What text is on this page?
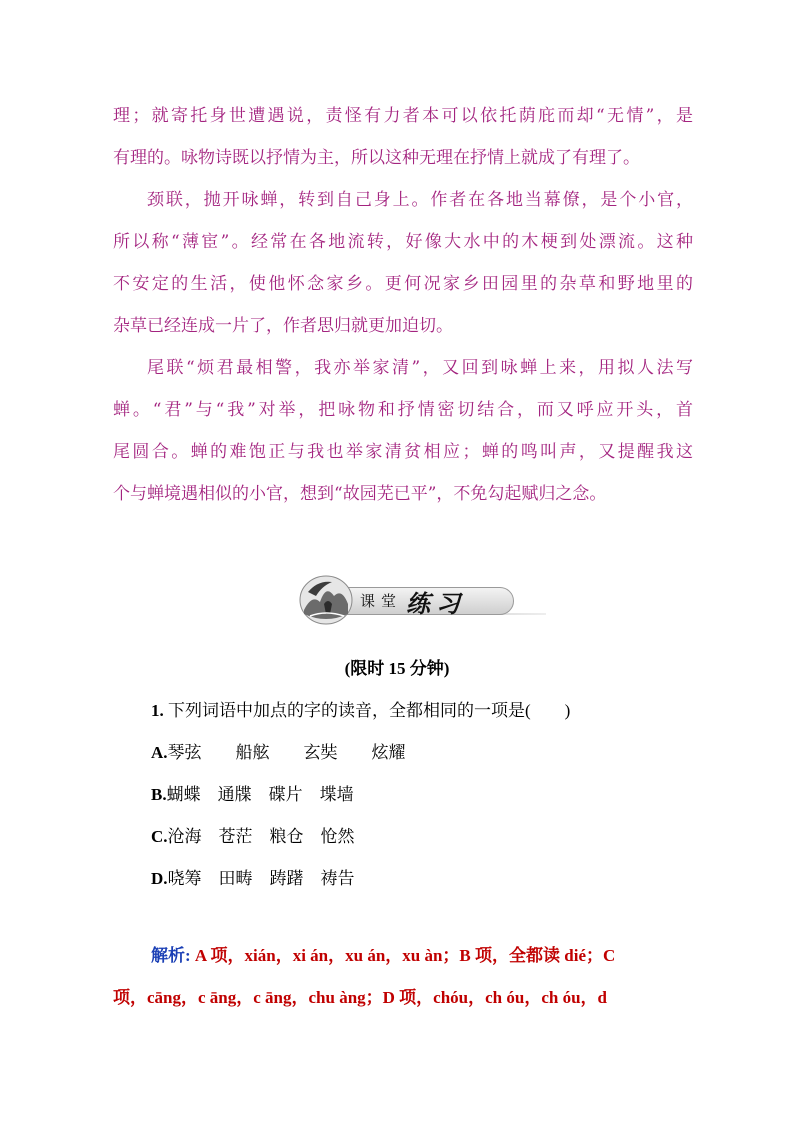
理；就寄托身世遭遇说，责怪有力者本可以依托荫庇而却“无情”，是
有理的。咏物诗既以抒情为主，所以这种无理在抒情上就成了有理了。
颈联，抛开咏蝉，转到自己身上。作者在各地当幕僚，是个小官，
所以称“薄宦”。经常在各地流转，好像大水中的木梗到处漂流。这种
不安定的生活，使他怀念家乡。更何况家乡田园里的杂草和野地里的
杂草已经连成一片了，作者思归就更加迫切。
尾联“烦君最相警，我亦举家清”，又回到咏蝉上来，用拟人法写
蝉。“君”与“我”对举，把咏物和抒情密切结合，而又呼应开头，首
尾圆合。蝉的难饱正与我也举家清贫相应；蝉的鸣叫声，又提醒我这
个与蝉境遇相似的小官，想到“故园芜已平”，不免勾起赋归之念。
课堂 练习
(限时 15 分钟)
1. 下列词语中加点的字的读音，全都相同的一项是(　　)
A.琴弦　　船舷　　玄奘　　炫耀
B.蝴蝶　通牒　碟片　堞墙
C.沧海　苍茫　粮仓　怆然
D.哓筹　田畴　踌躇　祷告
解析: A 项，xián，xi án，xu án，xu àn；B 项，全都读 dié；C
项，cāng，c āng，c āng，chu àng；D 项，chóu，ch óu，ch óu，d
